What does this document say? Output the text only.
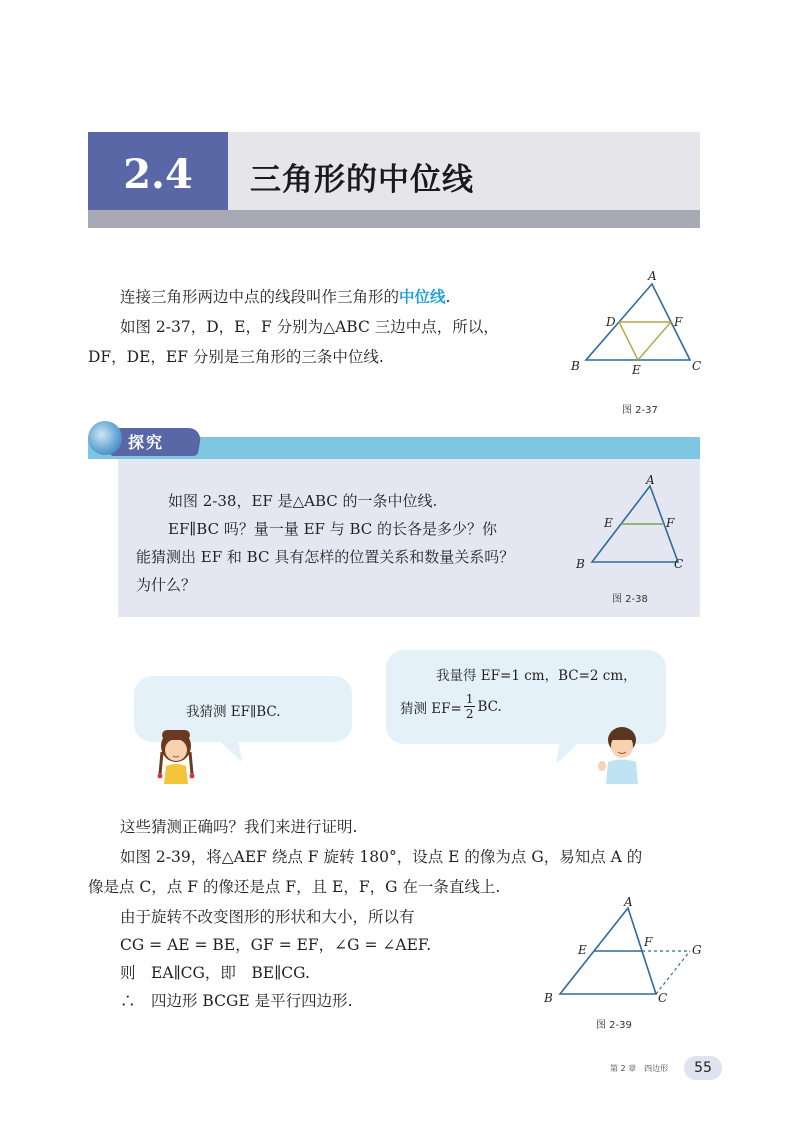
2.4	三角形的中位线
连接三角形两边中点的线段叫作三角形的中位线.
如图 2-37，D，E，F 分别为△ABC 三边中点，所以，
DF，DE，EF 分别是三角形的三条中位线.
A
B	C
D	F
E
图 2-37
探究
如图 2-38，EF 是△ABC 的一条中位线.
EF∥BC 吗？量一量 EF 与 BC 的长各是多少？你
能猜测出 EF 和 BC 具有怎样的位置关系和数量关系吗？
为什么？
A
B	C
E	F
图 2-38
我猜测 EF∥BC.
我量得 EF=1 cm，BC=2 cm，
猜测 $EF= \frac{1}{2}$ BC.
这些猜测正确吗？我们来进行证明.
如图 2-39，将△AEF 绕点 F 旋转 180°，设点 E 的像为点 G，易知点 A 的
像是点 C，点 F 的像还是点 F，且 E，F，G 在一条直线上.
由于旋转不改变图形的形状和大小，所以有
CG = AE = BE，GF = EF，∠G = ∠AEF.
则　EA∥CG，即　BE∥CG.
∴　四边形 BCGE 是平行四边形.
A
B	C
E
F
G
图 2-39
第 2 章　四边形	55
